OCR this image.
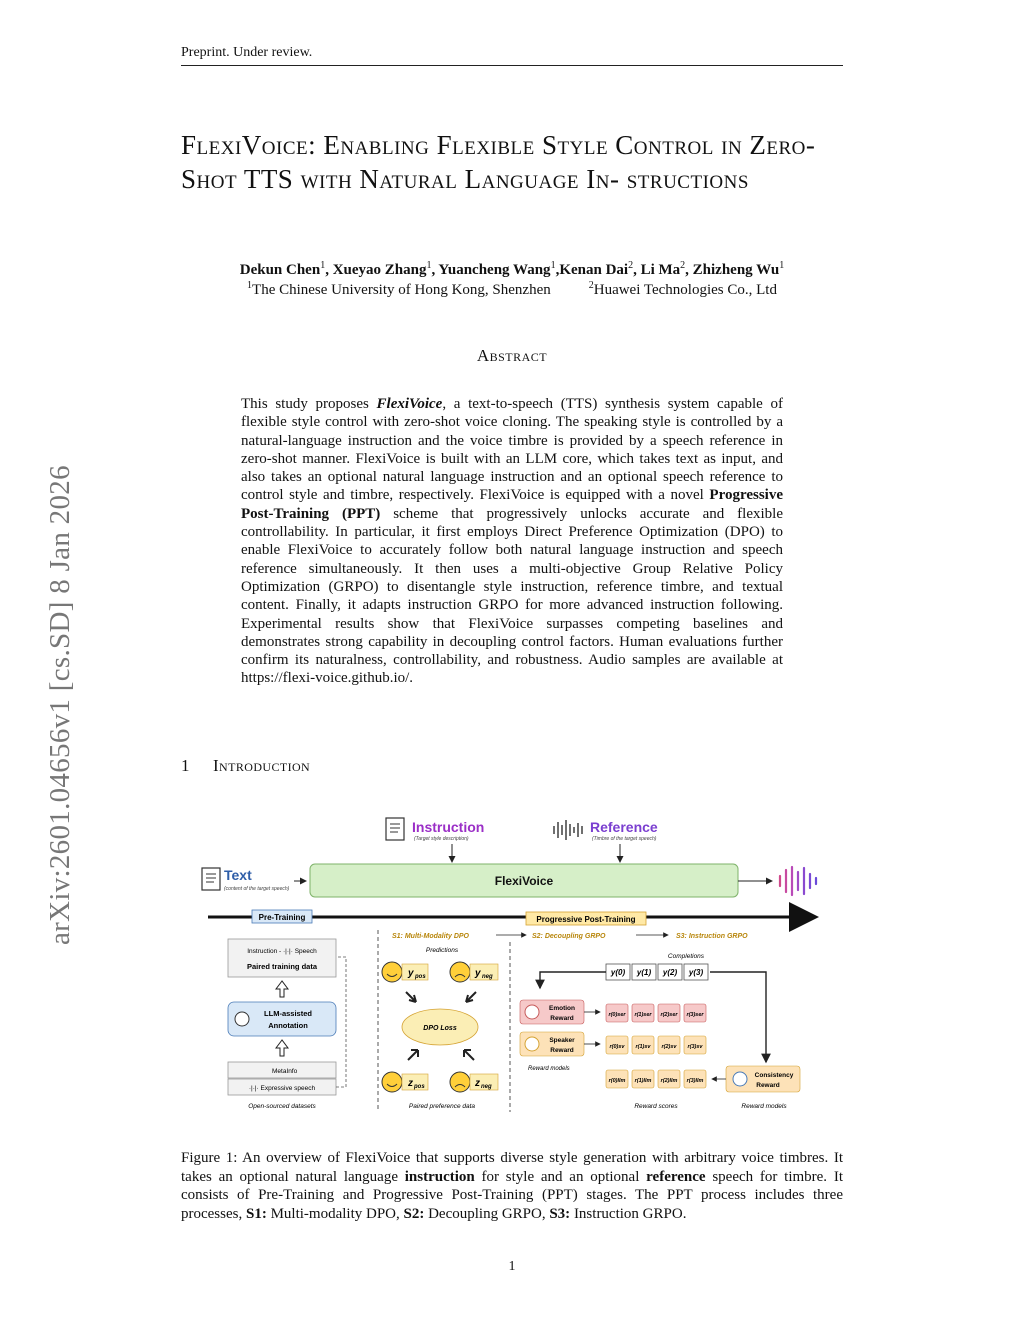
Preprint. Under review.
arXiv:2601.04656v1 [cs.SD] 8 Jan 2026
FlexiVoice: Enabling Flexible Style Control in Zero-Shot TTS with Natural Language In- structions
Dekun Chen$^1$, Xueyao Zhang$^1$, Yuancheng Wang$^1$,Kenan Dai$^2$, Li Ma$^2$, Zhizheng Wu$^1$
$^1$The Chinese University of Hong Kong, Shenzhen	$^2$Huawei Technologies Co., Ltd
Abstract
This study proposes FlexiVoice, a text-to-speech (TTS) synthesis system capable of flexible style control with zero-shot voice cloning. The speaking style is controlled by a natural-language instruction and the voice timbre is provided by a speech reference in zero-shot manner. FlexiVoice is built with an LLM core, which takes text as input, and also takes an optional natural language instruction and an optional speech reference to control style and timbre, respectively. FlexiVoice is equipped with a novel Progressive Post-Training (PPT) scheme that progressively unlocks accurate and flexible controllability. In particular, it first employs Direct Preference Optimization (DPO) to enable FlexiVoice to accurately follow both natural language instruction and speech reference simultaneously. It then uses a multi-objective Group Relative Policy Optimization (GRPO) to disentangle style instruction, reference timbre, and textual content. Finally, it adapts instruction GRPO for more advanced instruction following. Experimental results show that FlexiVoice surpasses competing baselines and demonstrates strong capability in decoupling control factors. Human evaluations further confirm its naturalness, controllability, and robustness. Audio samples are available at https://flexi-voice.github.io/.
1 Introduction
Instruction
(Target style description)
Reference
(Timbre of the target speech)
Text
(content of the target speech)
FlexiVoice
Pre-Training	Progressive Post-Training
S1: Multi-Modality DPO	S2: Decoupling GRPO	S3: Instruction GRPO
Instruction - ·|·|· Speech
Paired training data
LLM-assisted
Annotation
MetaInfo
·|·|· Expressive speech
Open-sourced datasets
Predictions
y pos	y neg
DPO Loss
z pos	z neg
Paired preference data
Completions
y(0) y(1) y(2) y(3)
Emotion
Reward
Speaker
Reward
Reward models
r(0)ser r(1)ser r(2)ser r(3)ser
r(0)sv r(1)sv r(2)sv r(3)sv
r(0)llm r(1)llm r(2)llm r(3)llm
Consistency
Reward
Reward scores	Reward models
Figure 1: An overview of FlexiVoice that supports diverse style generation with arbitrary voice timbres. It takes an optional natural language instruction for style and an optional reference speech for timbre. It consists of Pre-Training and Progressive Post-Training (PPT) stages. The PPT process includes three processes, S1: Multi-modality DPO, S2: Decoupling GRPO, S3: Instruction GRPO.
1
